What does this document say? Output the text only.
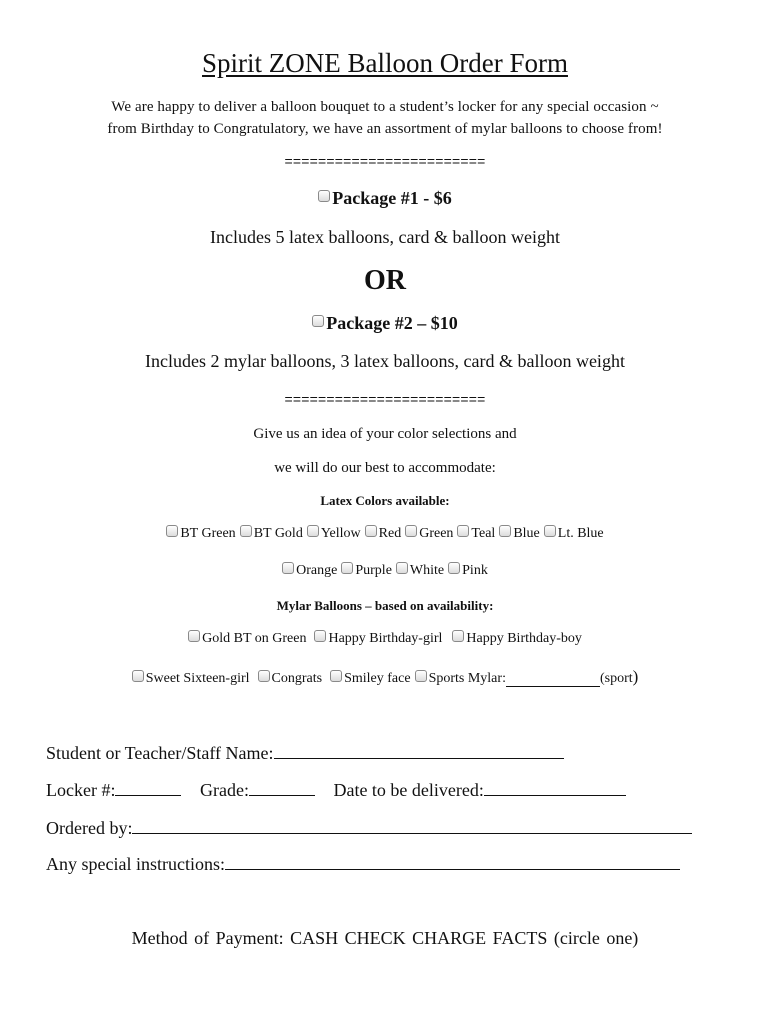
Spirit ZONE Balloon Order Form
We are happy to deliver a balloon bouquet to a student’s locker for any special occasion ~
from Birthday to Congratulatory, we have an assortment of mylar balloons to choose from!
========================
Package #1 - $6
Includes 5 latex balloons, card & balloon weight
OR
Package #2 – $10
Includes 2 mylar balloons, 3 latex balloons, card & balloon weight
========================
Give us an idea of your color selections and
we will do our best to accommodate:
Latex Colors available:
BT Green BT Gold Yellow Red Green Teal Blue Lt. Blue
Orange Purple White Pink
Mylar Balloons – based on availability:
Gold BT on Green Happy Birthday-girl Happy Birthday-boy
Sweet Sixteen-girl Congrats Smiley face Sports Mylar:	(sport )
Student or Teacher/Staff Name:
Locker #:	Grade:	Date to be delivered:
Ordered by:
Any special instructions:
Method of Payment: CASH CHECK CHARGE FACTS (circle one)
